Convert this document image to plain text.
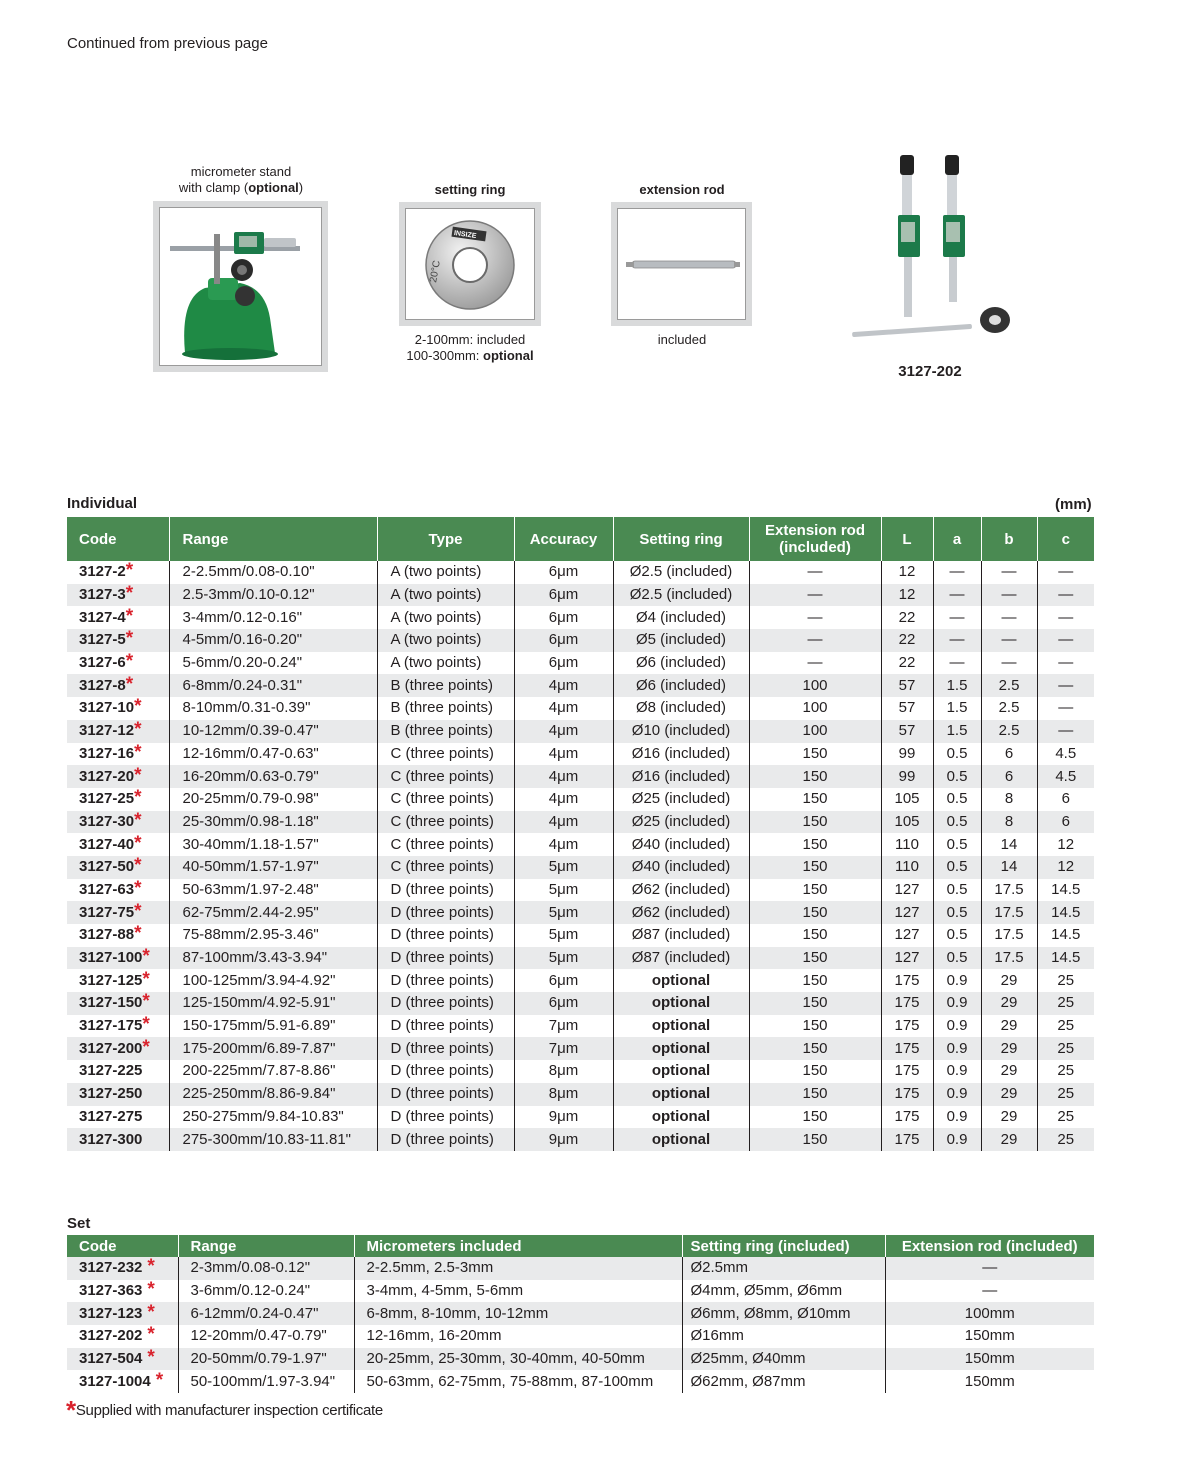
Continued from previous page
micrometer stand
with clamp (optional)	setting ring
INSIZE
20°C
2-100mm: included
100-300mm: optional
extension rod
included
3127-202
Individual	(mm)
Code	Range	Type	Accuracy	Setting ring	Extension rod (included)	L	a	b	c
3127-2*	2-2.5mm/0.08-0.10"	A (two points)	6μm	Ø2.5 (included)	—	12	—	—	—
3127-3*	2.5-3mm/0.10-0.12"	A (two points)	6μm	Ø2.5 (included)	—	12	—	—	—
3127-4*	3-4mm/0.12-0.16"	A (two points)	6μm	Ø4 (included)	—	22	—	—	—
3127-5*	4-5mm/0.16-0.20"	A (two points)	6μm	Ø5 (included)	—	22	—	—	—
3127-6*	5-6mm/0.20-0.24"	A (two points)	6μm	Ø6 (included)	—	22	—	—	—
3127-8*	6-8mm/0.24-0.31"	B (three points)	4μm	Ø6 (included)	100	57	1.5	2.5	—
3127-10*	8-10mm/0.31-0.39"	B (three points)	4μm	Ø8 (included)	100	57	1.5	2.5	—
3127-12*	10-12mm/0.39-0.47"	B (three points)	4μm	Ø10 (included)	100	57	1.5	2.5	—
3127-16*	12-16mm/0.47-0.63"	C (three points)	4μm	Ø16 (included)	150	99	0.5	6	4.5
3127-20*	16-20mm/0.63-0.79"	C (three points)	4μm	Ø16 (included)	150	99	0.5	6	4.5
3127-25*	20-25mm/0.79-0.98"	C (three points)	4μm	Ø25 (included)	150	105	0.5	8	6
3127-30*	25-30mm/0.98-1.18"	C (three points)	4μm	Ø25 (included)	150	105	0.5	8	6
3127-40*	30-40mm/1.18-1.57"	C (three points)	4μm	Ø40 (included)	150	110	0.5	14	12
3127-50*	40-50mm/1.57-1.97"	C (three points)	5μm	Ø40 (included)	150	110	0.5	14	12
3127-63*	50-63mm/1.97-2.48"	D (three points)	5μm	Ø62 (included)	150	127	0.5	17.5	14.5
3127-75*	62-75mm/2.44-2.95"	D (three points)	5μm	Ø62 (included)	150	127	0.5	17.5	14.5
3127-88*	75-88mm/2.95-3.46"	D (three points)	5μm	Ø87 (included)	150	127	0.5	17.5	14.5
3127-100*	87-100mm/3.43-3.94"	D (three points)	5μm	Ø87 (included)	150	127	0.5	17.5	14.5
3127-125*	100-125mm/3.94-4.92"	D (three points)	6μm	optional	150	175	0.9	29	25
3127-150*	125-150mm/4.92-5.91"	D (three points)	6μm	optional	150	175	0.9	29	25
3127-175*	150-175mm/5.91-6.89"	D (three points)	7μm	optional	150	175	0.9	29	25
3127-200*	175-200mm/6.89-7.87"	D (three points)	7μm	optional	150	175	0.9	29	25
3127-225	200-225mm/7.87-8.86"	D (three points)	8μm	optional	150	175	0.9	29	25
3127-250	225-250mm/8.86-9.84"	D (three points)	8μm	optional	150	175	0.9	29	25
3127-275	250-275mm/9.84-10.83"	D (three points)	9μm	optional	150	175	0.9	29	25
3127-300	275-300mm/10.83-11.81"	D (three points)	9μm	optional	150	175	0.9	29	25
Set
Code	Range	Micrometers included	Setting ring (included)	Extension rod (included)
3127-232 *	2-3mm/0.08-0.12"	2-2.5mm, 2.5-3mm	Ø2.5mm	—
3127-363 *	3-6mm/0.12-0.24"	3-4mm, 4-5mm, 5-6mm	Ø4mm, Ø5mm, Ø6mm	—
3127-123 *	6-12mm/0.24-0.47"	6-8mm, 8-10mm, 10-12mm	Ø6mm, Ø8mm, Ø10mm	100mm
3127-202 *	12-20mm/0.47-0.79"	12-16mm, 16-20mm	Ø16mm	150mm
3127-504 *	20-50mm/0.79-1.97"	20-25mm, 25-30mm, 30-40mm, 40-50mm	Ø25mm, Ø40mm	150mm
3127-1004 *	50-100mm/1.97-3.94"	50-63mm, 62-75mm, 75-88mm, 87-100mm	Ø62mm, Ø87mm	150mm
*Supplied with manufacturer inspection certificate
